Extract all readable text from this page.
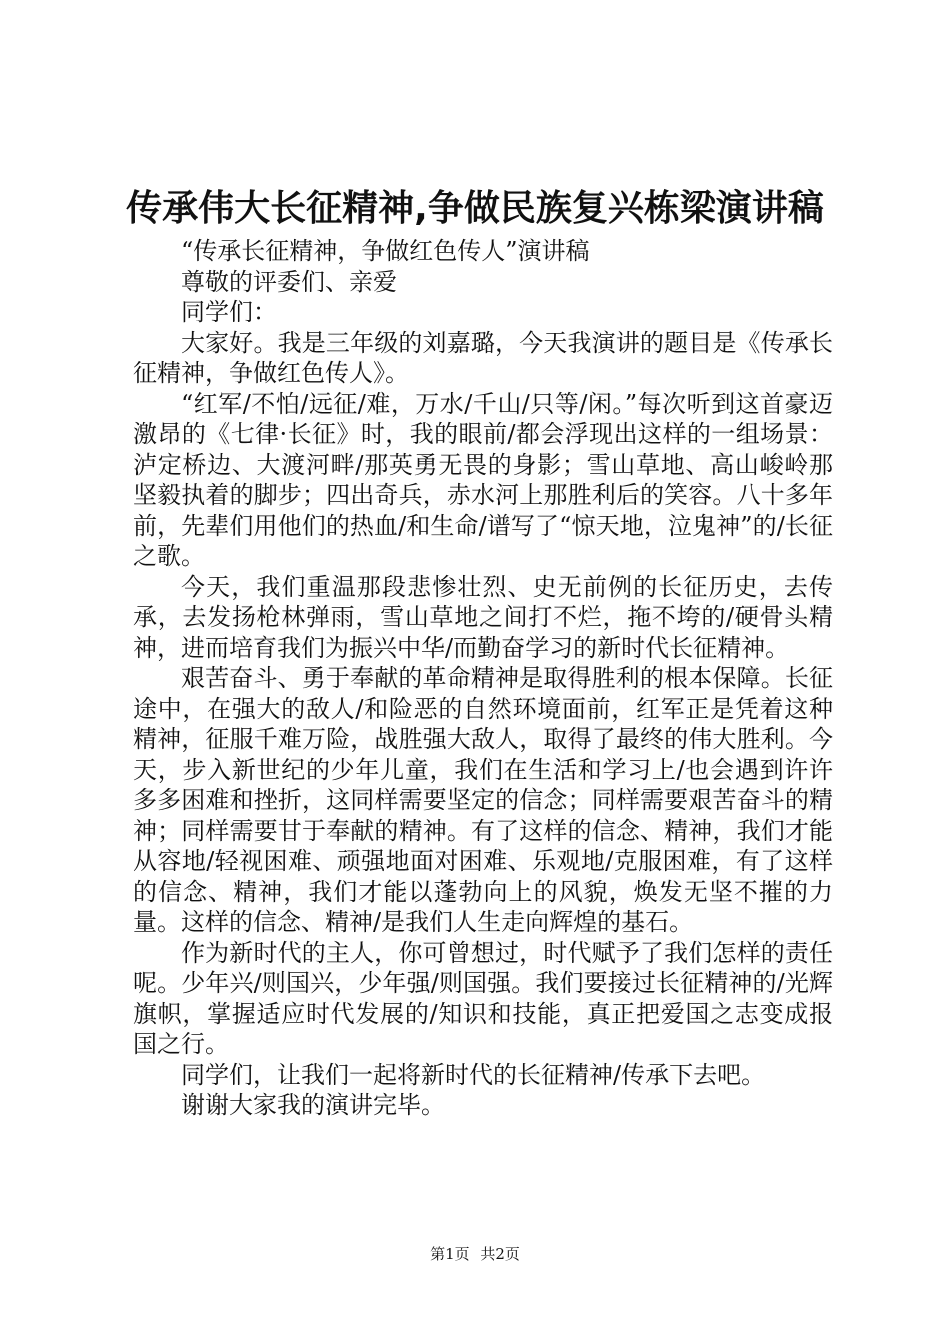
传承伟大长征精神,争做民族复兴栋梁演讲稿

“传承长征精神，争做红色传人”演讲稿

尊敬的评委们、亲爱

同学们：

大家好。我是三年级的刘嘉璐，今天我演讲的题目是《传承长征精神，争做红色传人》。

“红军/不怕/远征/难，万水/千山/只等/闲。”每次听到这首豪迈激昂的《七律·长征》时，我的眼前/都会浮现出这样的一组场景：泸定桥边、大渡河畔/那英勇无畏的身影；雪山草地、高山峻岭那坚毅执着的脚步；四出奇兵，赤水河上那胜利后的笑容。八十多年前，先辈们用他们的热血/和生命/谱写了“惊天地，泣鬼神”的/长征之歌。

今天，我们重温那段悲惨壮烈、史无前例的长征历史，去传承，去发扬枪林弹雨，雪山草地之间打不烂，拖不垮的/硬骨头精神，进而培育我们为振兴中华/而勤奋学习的新时代长征精神。

艰苦奋斗、勇于奉献的革命精神是取得胜利的根本保障。长征途中，在强大的敌人/和险恶的自然环境面前，红军正是凭着这种精神，征服千难万险，战胜强大敌人，取得了最终的伟大胜利。今天，步入新世纪的少年儿童，我们在生活和学习上/也会遇到许许多多困难和挫折，这同样需要坚定的信念；同样需要艰苦奋斗的精神；同样需要甘于奉献的精神。有了这样的信念、精神，我们才能从容地/轻视困难、顽强地面对困难、乐观地/克服困难，有了这样的信念、精神，我们才能以蓬勃向上的风貌，焕发无坚不摧的力量。这样的信念、精神/是我们人生走向辉煌的基石。

作为新时代的主人，你可曾想过，时代赋予了我们怎样的责任呢。少年兴/则国兴，少年强/则国强。我们要接过长征精神的/光辉旗帜，掌握适应时代发展的/知识和技能，真正把爱国之志变成报国之行。

同学们，让我们一起将新时代的长征精神/传承下去吧。

谢谢大家我的演讲完毕。

第1页 共2页
